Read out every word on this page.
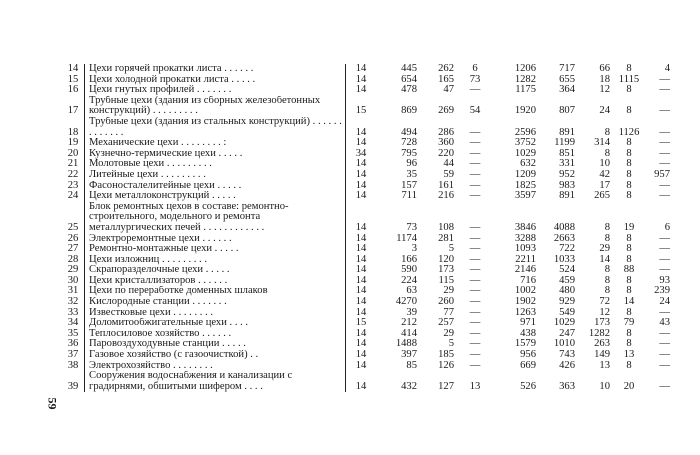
59
14	Цехи горячей прокатки листа . . . . . .	14	445	262	6	1206	717	66	8	4
15	Цехи холодной прокатки листа . . . . .	14	654	165	73	1282	655	18	1115	—
16	Цехи гнутых профилей . . . . . . .	14	478	47	—	1175	364	12	8	—
17	Трубные цехи (здания из сборных железобетонных конструкций) . . . . . . . . .	15	869	269	54	1920	807	24	8	—
18	Трубные цехи (здания из стальных конструкций) . . . . . . . . . . . . .	14	494	286	—	2596	891	8	1126	—
19	Механические цехи . . . . . . . . :	14	728	360	—	3752	1199	314	8	—
20	Кузнечно-термические цехи . . . . .	34	795	220	—	1029	851	8	8	—
21	Молотовые цехи . . . . . . . . .	14	96	44	—	632	331	10	8	—
22	Литейные цехи . . . . . . . . .	14	35	59	—	1209	952	42	8	957
23	Фасоносталелитейные цехи . . . . .	14	157	161	—	1825	983	17	8	—
24	Цехи металлоконструкций . . . . .	14	711	216	—	3597	891	265	8	—
25	Блок ремонтных цехов в составе: ремонтно-строительного, модельного и ремонта металлургических печей . . . . . . . . . . . .	14	73	108	—	3846	4088	8	19	6
26	Электроремонтные цехи . . . . . .	14	1174	281	—	3288	2663	8	8	—
27	Ремонтно-монтажные цехи . . . . .	14	3	5	—	1093	722	29	8	—
28	Цехи изложниц . . . . . . . . .	14	166	120	—	2211	1033	14	8	—
29	Скрапоразделочные цехи . . . . .	14	590	173	—	2146	524	8	88	—
30	Цехи кристаллизаторов . . . . . .	14	224	115	—	716	459	8	8	93
31	Цехи по переработке доменных шлаков	14	63	29	—	1002	480	8	8	239
32	Кислородные станции . . . . . . .	14	4270	260	—	1902	929	72	14	24
33	Известковые цехи . . . . . . . .	14	39	77	—	1263	549	12	8	—
34	Доломитообжигательные цехи . . . .	15	212	257	—	971	1029	173	79	43
35	Теплосиловое хозяйство . . . . . .	14	414	29	—	438	247	1282	8	—
36	Паровоздуходувные станции . . . . .	14	1488	5	—	1579	1010	263	8	—
37	Газовое хозяйство (с газоочисткой) . .	14	397	185	—	956	743	149	13	—
38	Электрохозяйство . . . . . . . .	14	85	126	—	669	426	13	8	—
39	Сооружения водоснабжения и канализации с градирнями, обшитыми шифером . . . .	14	432	127	13	526	363	10	20	—
